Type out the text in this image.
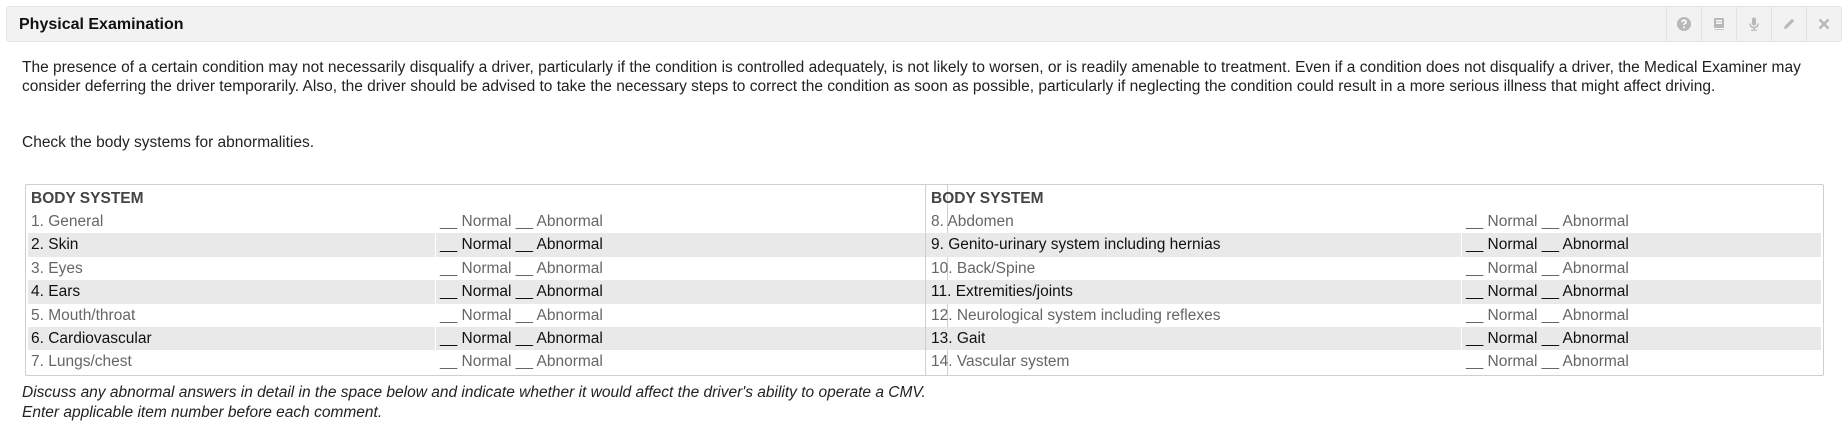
Physical Examination
The presence of a certain condition may not necessarily disqualify a driver, particularly if the condition is controlled adequately, is not likely to worsen, or is readily amenable to treatment. Even if a condition does not disqualify a driver, the Medical Examiner may consider deferring the driver temporarily. Also, the driver should be advised to take the necessary steps to correct the condition as soon as possible, particularly if neglecting the condition could result in a more serious illness that might affect driving.
Check the body systems for abnormalities.
BODY SYSTEM
1. General	__ Normal __ Abnormal
2. Skin	__ Normal __ Abnormal
3. Eyes	__ Normal __ Abnormal
4. Ears	__ Normal __ Abnormal
5. Mouth/throat	__ Normal __ Abnormal
6. Cardiovascular	__ Normal __ Abnormal
7. Lungs/chest	__ Normal __ Abnormal
BODY SYSTEM
8. Abdomen	__ Normal __ Abnormal
9. Genito-urinary system including hernias	__ Normal __ Abnormal
10. Back/Spine	__ Normal __ Abnormal
11. Extremities/joints	__ Normal __ Abnormal
12. Neurological system including reflexes	__ Normal __ Abnormal
13. Gait	__ Normal __ Abnormal
14. Vascular system	__ Normal __ Abnormal
Discuss any abnormal answers in detail in the space below and indicate whether it would affect the driver's ability to operate a CMV.
Enter applicable item number before each comment.
